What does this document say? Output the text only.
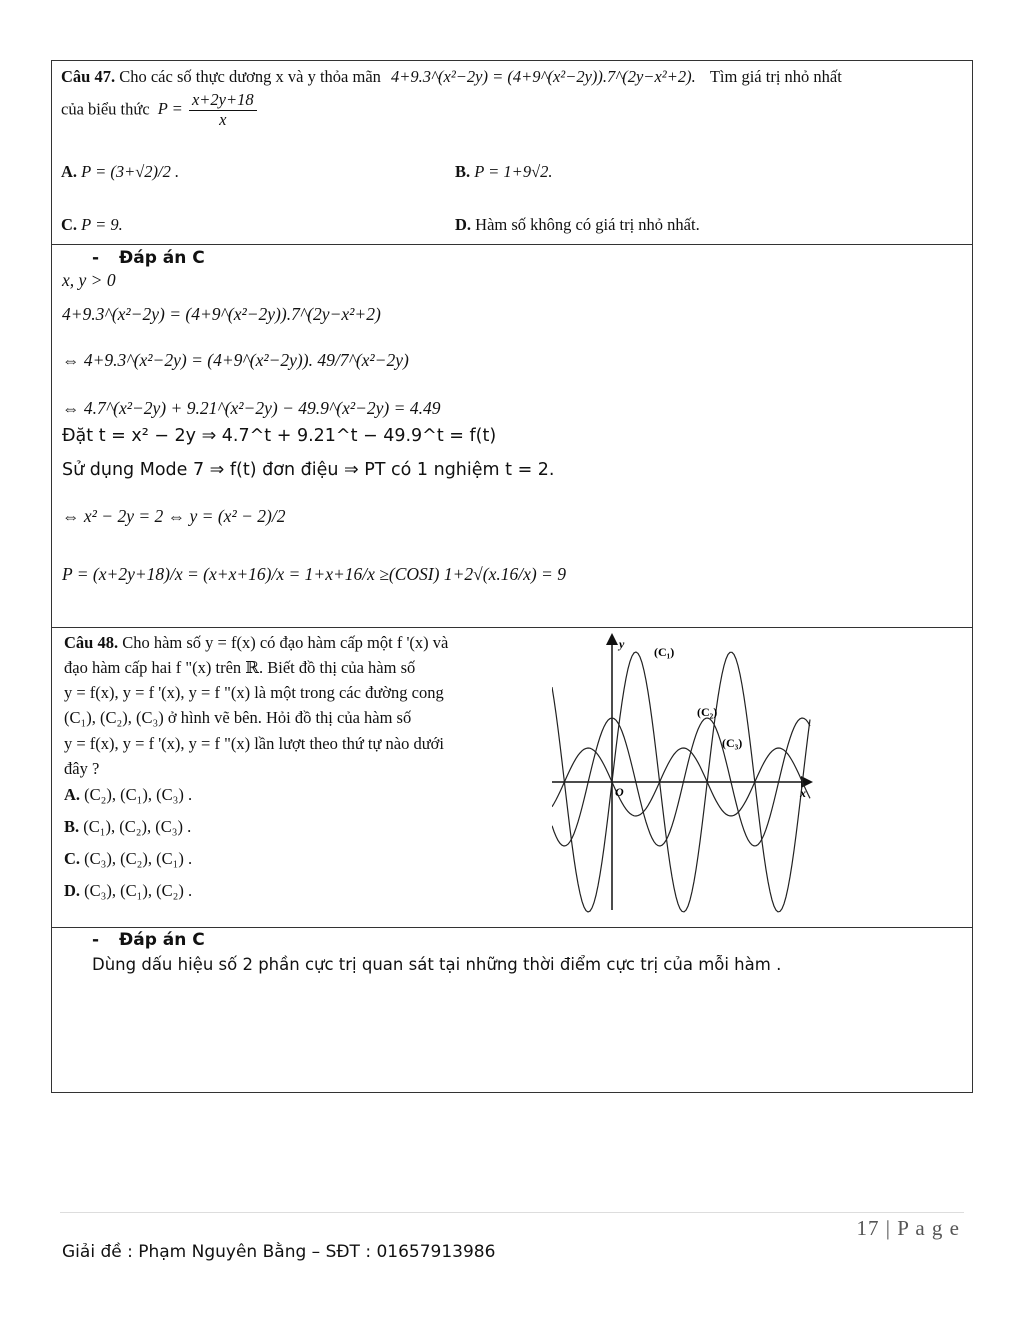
Câu 47. Cho các số thực dương x và y thỏa mãn 4+9.3^(x²−2y) = (4+9^(x²−2y)).7^(2y−x²+2). Tìm giá trị nhỏ nhất
của biểu thức $P = \frac{x+2y+18}{x}$
A. P = (3+√2)/2 .	B. P = 1+9√2.
C. P = 9.	D. Hàm số không có giá trị nhỏ nhất.
- Đáp án C
x, y > 0
4+9.3^(x²−2y) = (4+9^(x²−2y)).7^(2y−x²+2)
⇔ 4+9.3^(x²−2y) = (4+9^(x²−2y)). 49/7^(x²−2y)
⇔ 4.7^(x²−2y) + 9.21^(x²−2y) − 49.9^(x²−2y) = 4.49
Đặt t = x² − 2y ⇒ 4.7^t + 9.21^t − 49.9^t = f(t)
Sử dụng Mode 7 ⇒ f(t) đơn điệu ⇒ PT có 1 nghiệm t = 2.
⇔ x² − 2y = 2 ⇔ y = (x² − 2)/2
P = (x+2y+18)/x = (x+x+16)/x = 1+x+16/x ≥(COSI) 1+2√(x.16/x) = 9
Câu 48. Cho hàm số y = f(x) có đạo hàm cấp một f '(x) và
đạo hàm cấp hai f "(x) trên ℝ. Biết đồ thị của hàm số
y = f(x), y = f '(x), y = f "(x) là một trong các đường cong
(C₁), (C₂), (C₃) ở hình vẽ bên. Hỏi đồ thị của hàm số
y = f(x), y = f '(x), y = f "(x) lần lượt theo thứ tự nào dưới
đây ?
A. (C₂), (C₁), (C₃) .
B. (C₁), (C₂), (C₃) .
C. (C₃), (C₂), (C₁) .
D. (C₃), (C₁), (C₂) .
x
y
O
(C₁)
(C₂)
(C₃)
- Đáp án C
Dùng dấu hiệu số 2 phần cực trị quan sát tại những thời điểm cực trị của mỗi hàm .
17 | P a g e
Giải đề : Phạm Nguyên Bằng – SĐT : 01657913986
